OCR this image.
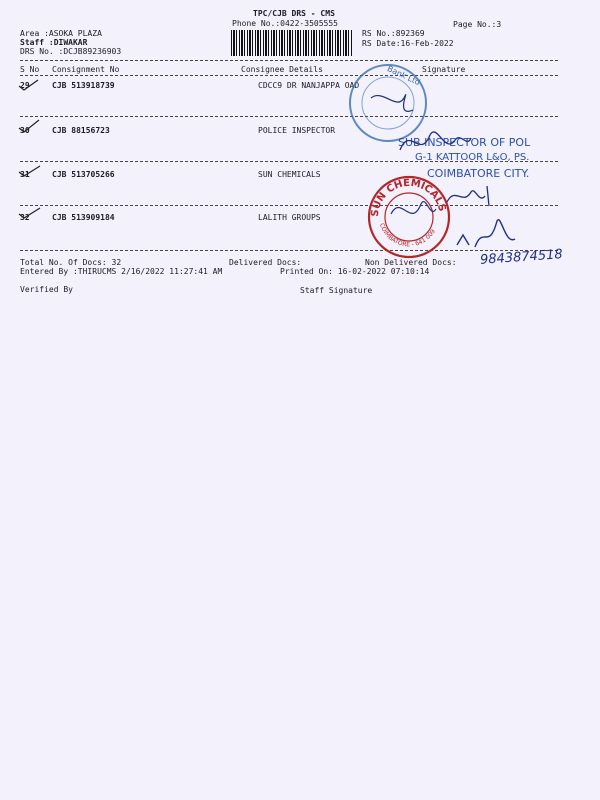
TPC/CJB DRS - CMS
Phone No.:0422-3505555	Page No.:3
Area :ASOKA PLAZA
Staff :DIWAKAR
DRS No. :DCJB89236903
RS No.:892369
RS Date:16-Feb-2022
S No Consignment No	Consignee Details	Signature
29	CJB 513918739	CDCC9 DR NANJAPPA OAD
30	CJB 88156723	POLICE INSPECTOR
31	CJB 513705266	SUN CHEMICALS
32	CJB 513909184	LALITH GROUPS
Total No. Of Docs: 32	Delivered Docs:	Non Delivered Docs:
Entered By :THIRUCMS 2/16/2022 11:27:41 AM	Printed On: 16-02-2022 07:10:14
Verified By	Staff Signature
Bank Ltd
SUB INSPECTOR OF POL
G-1 KATTOOR L&O, PS.
COIMBATORE CITY.
SUN CHEMICALS
COIMBATORE - 641 009
9843874518
